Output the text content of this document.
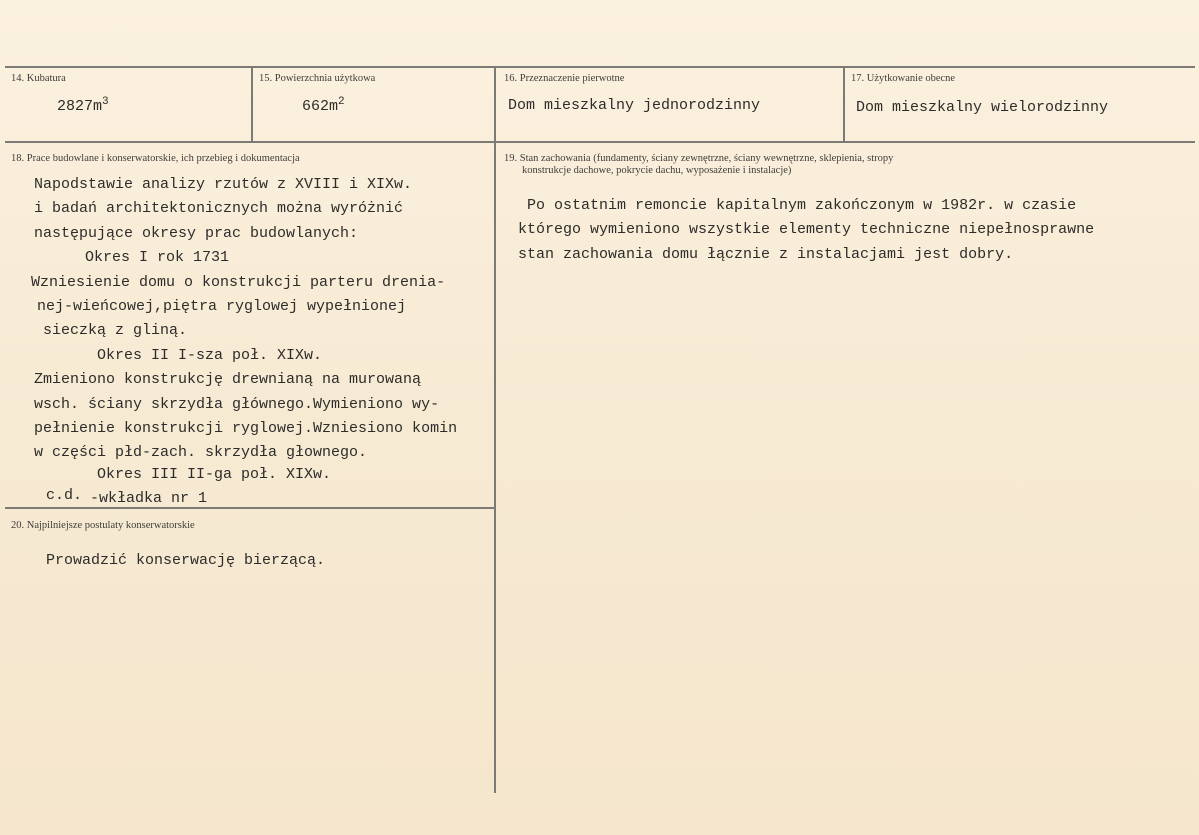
14. Kubatura
$2827m^3$
15. Powierzchnia użytkowa
$662m^2$
16. Przeznaczenie pierwotne
Dom mieszkalny jednorodzinny
17. Użytkowanie obecne
Dom mieszkalny wielorodzinny
18. Prace budowlane i konserwatorskie, ich przebieg i dokumentacja
Napodstawie analizy rzutów z XVIII i XIXw.
i badań architektonicznych można wyróżnić
następujące okresy prac budowlanych:
Okres I rok 1731
Wzniesienie domu o konstrukcji parteru drenia-
nej-wieńcowej,piętra ryglowej wypełnionej
sieczką z gliną.
Okres II I-sza poł. XIXw.
Zmieniono konstrukcję drewnianą na murowaną
wsch. ściany skrzydła głównego.Wymieniono wy-
pełnienie konstrukcji ryglowej.Wzniesiono komin
w części płd-zach. skrzydła głownego.
Okres III II-ga poł. XIXw.
c.d. -wkładka nr 1
19. Stan zachowania (fundamenty, ściany zewnętrzne, ściany wewnętrzne, sklepienia, stropy
konstrukcje dachowe, pokrycie dachu, wyposażenie i instalacje)
Po ostatnim remoncie kapitalnym zakończonym w 1982r. w czasie
którego wymieniono wszystkie elementy techniczne niepełnosprawne
stan zachowania domu łącznie z instalacjami jest dobry.
20. Najpilniejsze postulaty konserwatorskie
Prowadzić konserwację bierzącą.
